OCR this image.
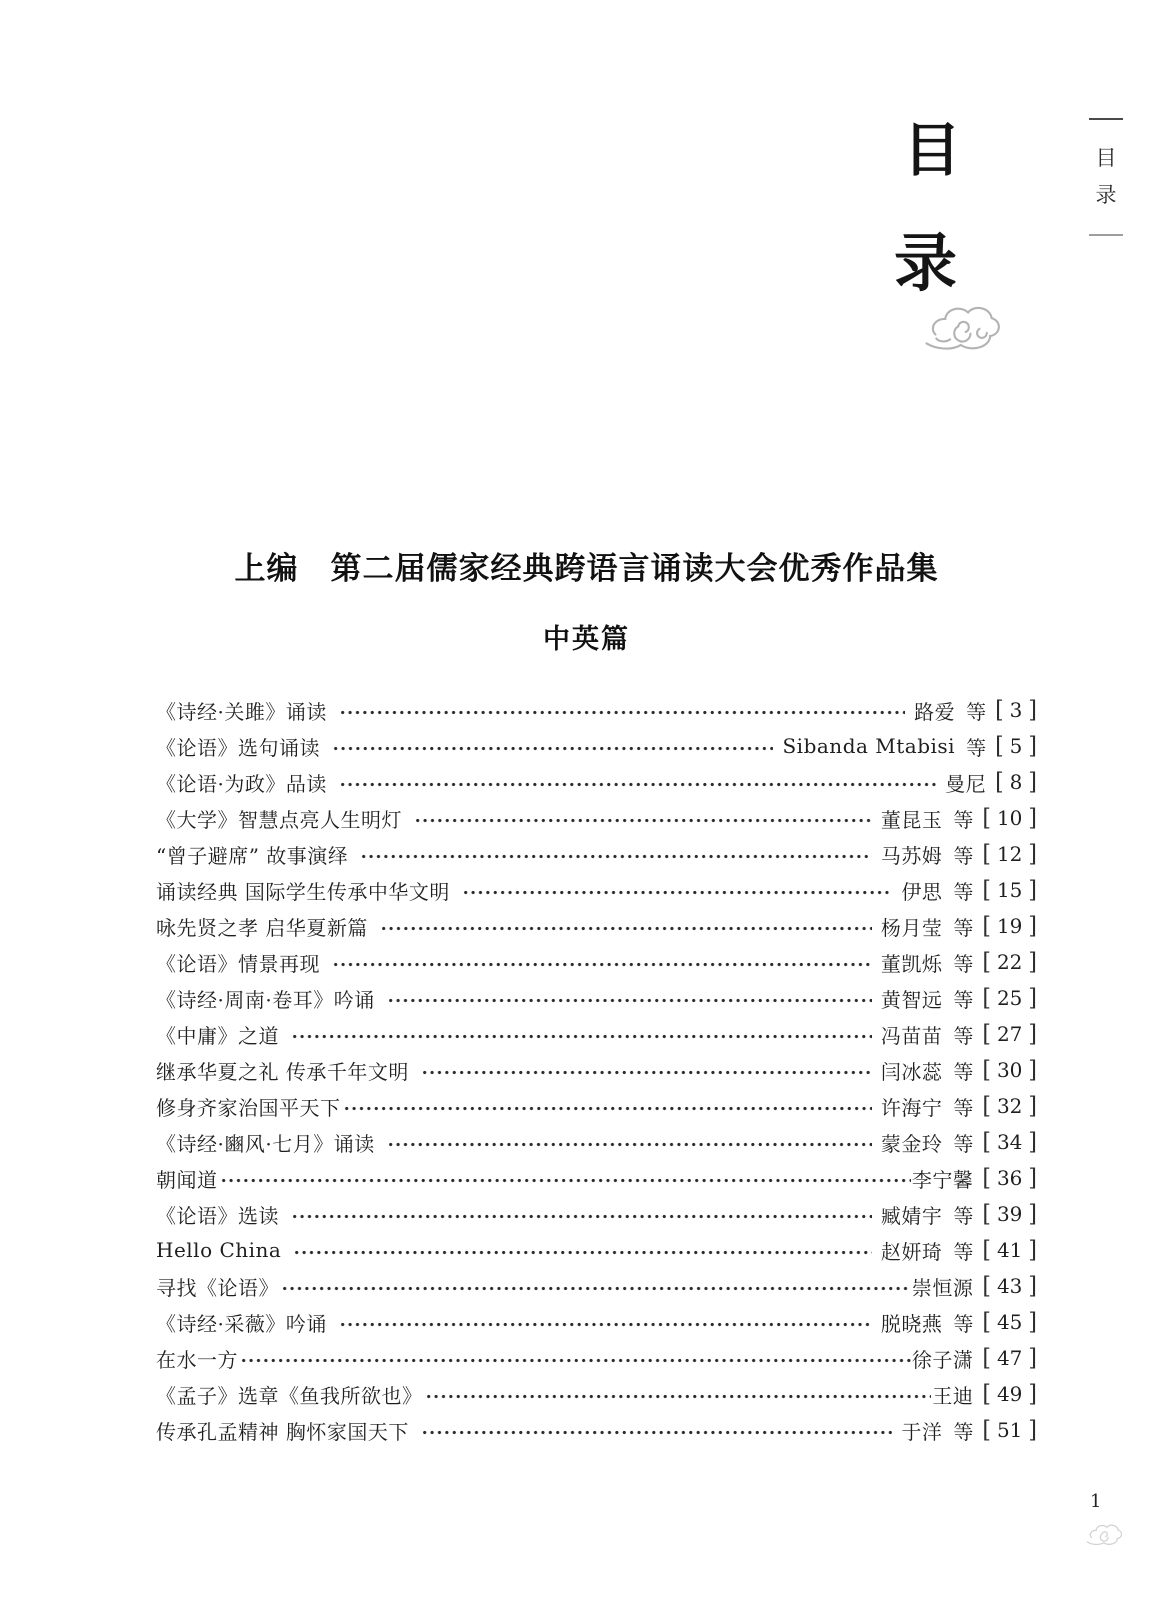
目
录
目
录
上编　第二届儒家经典跨语言诵读大会优秀作品集
中英篇
《诗经·关雎》诵读	路爱 等 [ 3 ]
《论语》选句诵读	Sibanda Mtabisi 等 [ 5 ]
《论语·为政》品读	曼尼 [ 8 ]
《大学》智慧点亮人生明灯	董昆玉 等 [ 10 ]
“曾子避席” 故事演绎	马苏姆 等 [ 12 ]
诵读经典 国际学生传承中华文明	伊思 等 [ 15 ]
咏先贤之孝 启华夏新篇	杨月莹 等 [ 19 ]
《论语》情景再现	董凯烁 等 [ 22 ]
《诗经·周南·卷耳》吟诵	黄智远 等 [ 25 ]
《中庸》之道	冯苗苗 等 [ 27 ]
继承华夏之礼 传承千年文明	闫冰蕊 等 [ 30 ]
修身齐家治国平天下	许海宁 等 [ 32 ]
《诗经·豳风·七月》诵读	蒙金玲 等 [ 34 ]
朝闻道	李宁馨 [ 36 ]
《论语》选读	臧婧宇 等 [ 39 ]
Hello China	赵妍琦 等 [ 41 ]
寻找《论语》	崇恒源 [ 43 ]
《诗经·采薇》吟诵	脱晓燕 等 [ 45 ]
在水一方	徐子潇 [ 47 ]
《孟子》选章《鱼我所欲也》	王迪 [ 49 ]
传承孔孟精神 胸怀家国天下	于洋 等 [ 51 ]
1
